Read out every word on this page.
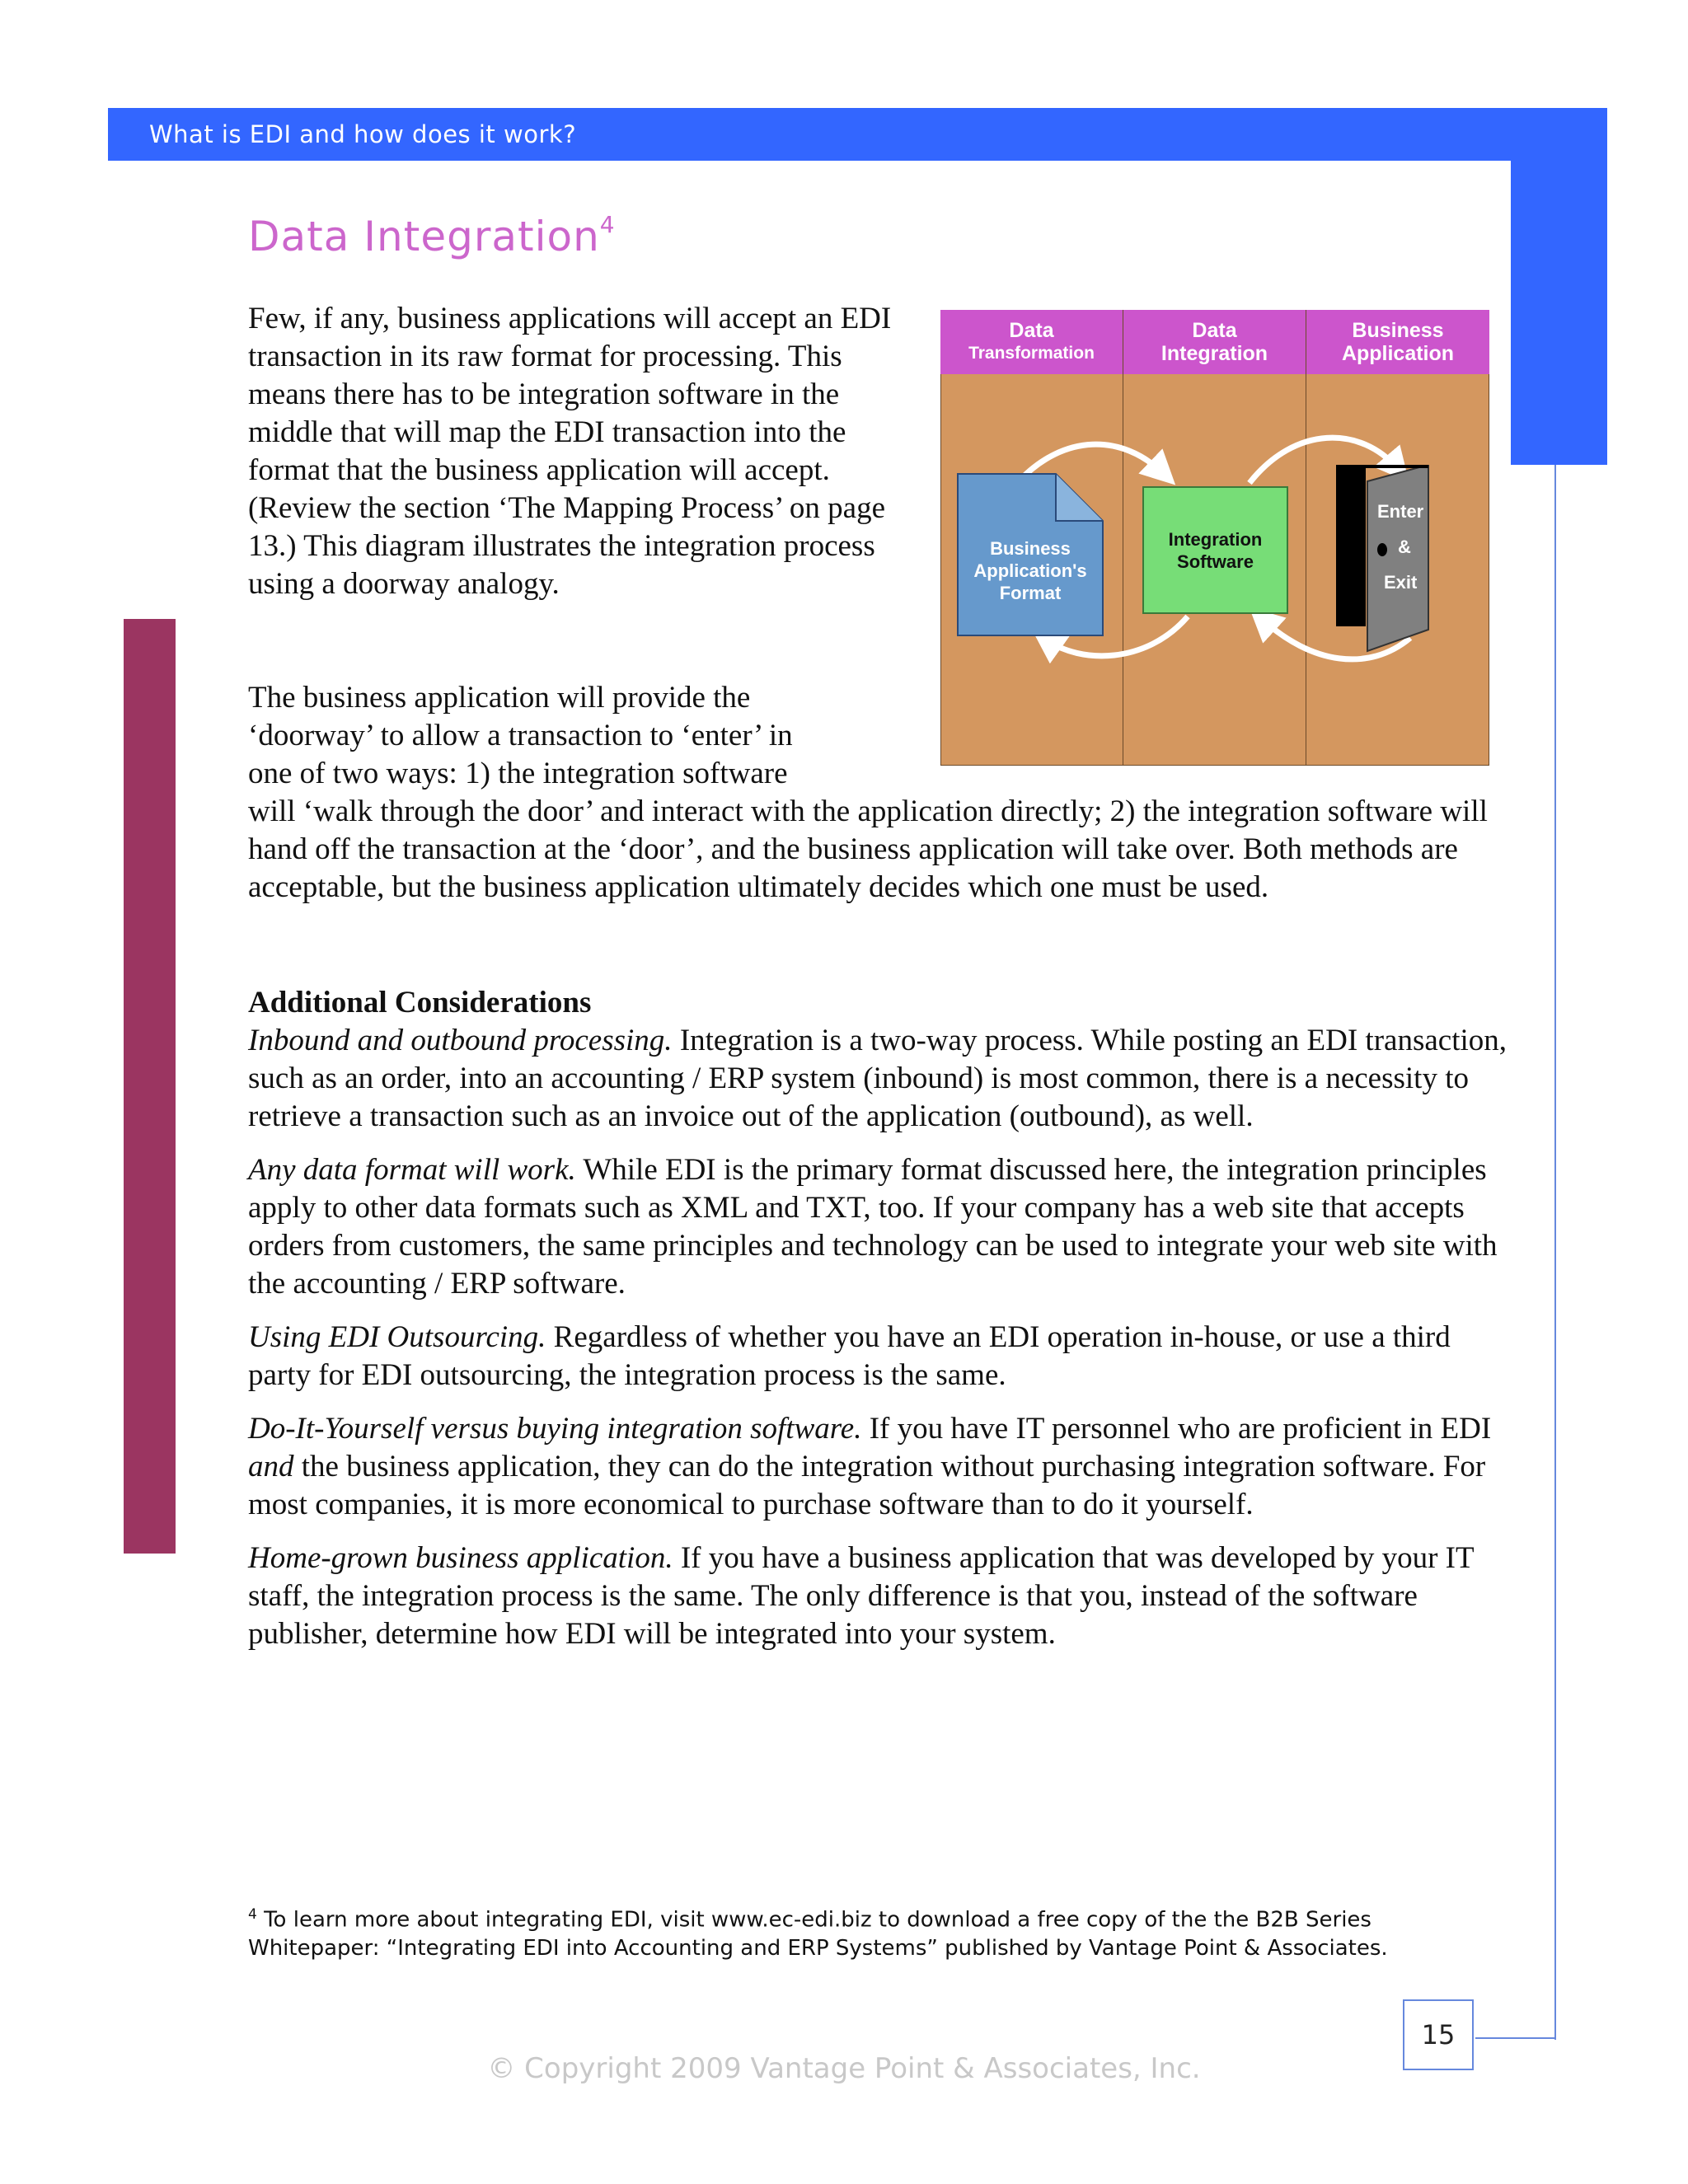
What is EDI and how does it work?
Data Integration$^4$
Few, if any, business applications will accept an EDI transaction in its raw format for processing. This means there has to be integration software in the middle that will map the EDI transaction into the format that the business application will accept. (Review the section ‘The Mapping Process’ on page 13.) This diagram illustrates the integration process using a doorway analogy.
Data
Transformation
Data
Integration
Business
Application
Business
Application's
Format
Integration
Software
Enter
&
Exit
The business application will provide the
‘doorway’ to allow a transaction to ‘enter’ in
one of two ways: 1) the integration software
will ‘walk through the door’ and interact with the application directly; 2) the integration software will hand off the transaction at the ‘door’, and the business application will take over. Both methods are acceptable, but the business application ultimately decides which one must be used.
Additional Considerations

Inbound and outbound processing. Integration is a two-way process. While posting an EDI transaction, such as an order, into an accounting / ERP system (inbound) is most common, there is a necessity to retrieve a transaction such as an invoice out of the application (outbound), as well.

Any data format will work. While EDI is the primary format discussed here, the integration principles apply to other data formats such as XML and TXT, too. If your company has a web site that accepts orders from customers, the same principles and technology can be used to integrate your web site with the accounting / ERP software.

Using EDI Outsourcing. Regardless of whether you have an EDI operation in-house, or use a third party for EDI outsourcing, the integration process is the same.

Do-It-Yourself versus buying integration software. If you have IT personnel who are proficient in EDI and the business application, they can do the integration without purchasing integration software. For most companies, it is more economical to purchase software than to do it yourself.

Home-grown business application. If you have a business application that was developed by your IT staff, the integration process is the same. The only difference is that you, instead of the software publisher, determine how EDI will be integrated into your system.

$^4$ To learn more about integrating EDI, visit www.ec-edi.biz to download a free copy of the the B2B Series Whitepaper: “Integrating EDI into Accounting and ERP Systems” published by Vantage Point & Associates.
15
© Copyright 2009 Vantage Point & Associates, Inc.
